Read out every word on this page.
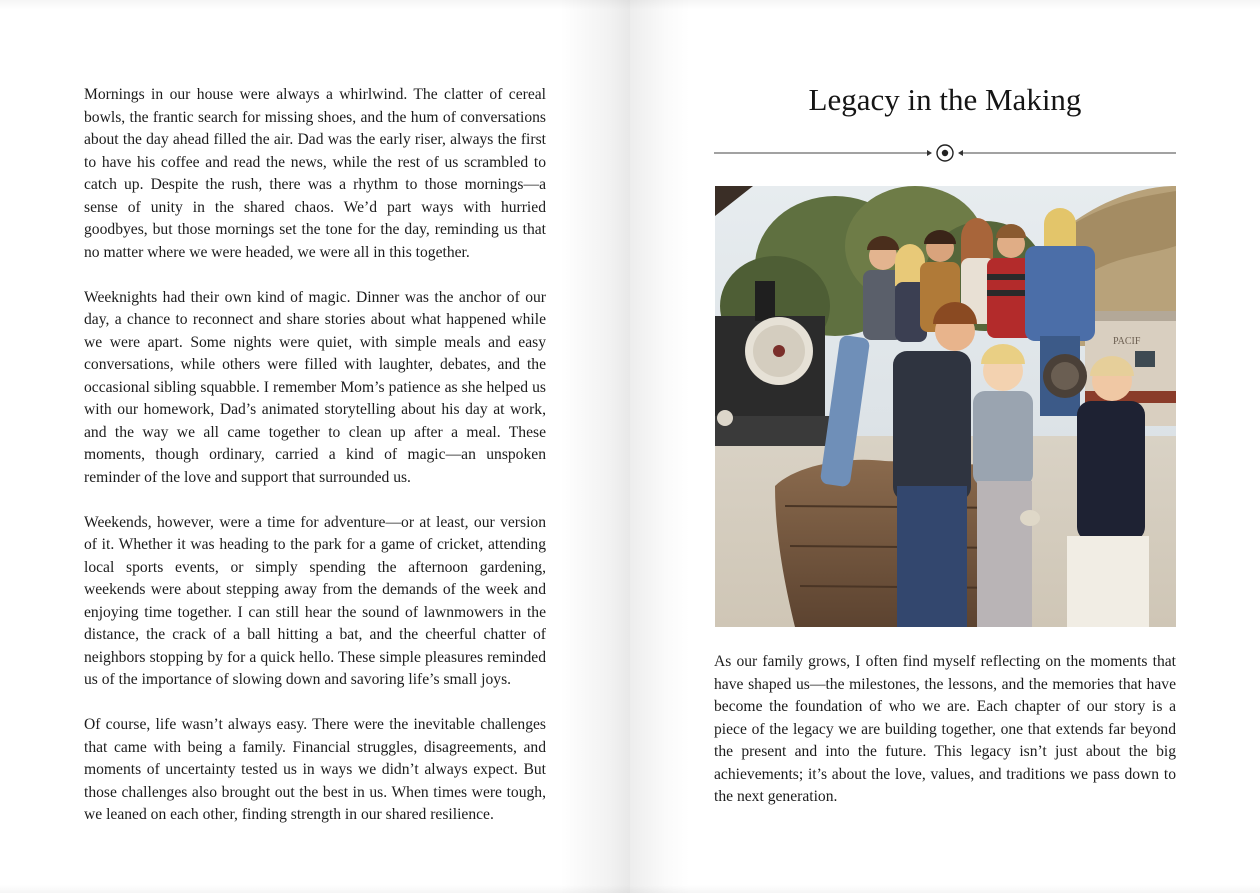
Mornings in our house were always a whirlwind. The clatter of cereal bowls, the frantic search for missing shoes, and the hum of conversations about the day ahead filled the air. Dad was the early riser, always the first to have his coffee and read the news, while the rest of us scrambled to catch up. Despite the rush, there was a rhythm to those mornings—a sense of unity in the shared chaos. We’d part ways with hurried goodbyes, but those mornings set the tone for the day, reminding us that no matter where we were headed, we were all in this together.

Weeknights had their own kind of magic. Dinner was the anchor of our day, a chance to reconnect and share stories about what happened while we were apart. Some nights were quiet, with simple meals and easy conversations, while others were filled with laughter, debates, and the occasional sibling squabble. I remember Mom’s patience as she helped us with our homework, Dad’s animated storytelling about his day at work, and the way we all came together to clean up after a meal. These moments, though ordinary, carried a kind of magic—an unspoken reminder of the love and support that surrounded us.

Weekends, however, were a time for adventure—or at least, our version of it. Whether it was heading to the park for a game of cricket, attending local sports events, or simply spending the afternoon gardening, weekends were about stepping away from the demands of the week and enjoying time together. I can still hear the sound of lawnmowers in the distance, the crack of a ball hitting a bat, and the cheerful chatter of neighbors stopping by for a quick hello. These simple pleasures reminded us of the importance of slowing down and savoring life’s small joys.

Of course, life wasn’t always easy. There were the inevitable challenges that came with being a family. Financial struggles, disagreements, and moments of uncertainty tested us in ways we didn’t always expect. But those challenges also brought out the best in us. When times were tough, we leaned on each other, finding strength in our shared resilience.

Legacy in the Making
PACIF

As our family grows, I often find myself reflecting on the moments that have shaped us—the milestones, the lessons, and the memories that have become the foundation of who we are. Each chapter of our story is a piece of the legacy we are building together, one that extends far beyond the present and into the future. This legacy isn’t just about the big achievements; it’s about the love, values, and traditions we pass down to the next generation.
